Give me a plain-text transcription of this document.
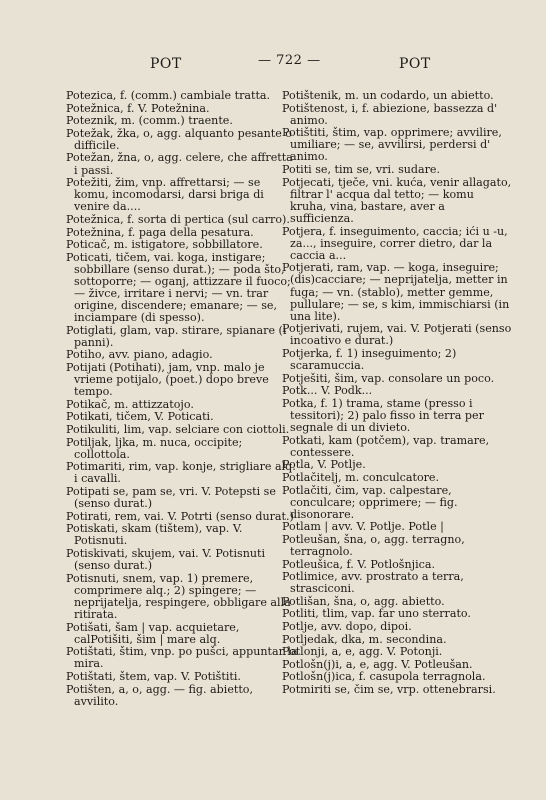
POT	— 722 —	POT

Potezica, f. (comm.) cambiale tratta.

Potežnica, f. V. Potežnina.

Poteznik, m. (comm.) traente.

Potežak, žka, o, agg. alquanto pesante o difficile.

Potežan, žna, o, agg. celere, che affretta i passi.

Potežiti, žim, vnp. affrettarsi; — se komu, incomodarsi, darsi briga di venire da....

Potežnica, f. sorta di pertica (sul carro).

Potežnina, f. paga della pesatura.

Poticač, m. istigatore, sobbillatore.

Poticati, tičem, vai. koga, instigare; sobbillare (senso durat.); — poda što, sottoporre; — oganj, attizzare il fuoco; — živce, irritare i nervi; — vn. trar origine, discendere; emanare; — se, inciampare (di spesso).

Potiglati, glam, vap. stirare, spianare (i panni).

Potiho, avv. piano, adagio.

Potijati (Potihati), jam, vnp. malo je vrieme potijalo, (poet.) dopo breve tempo.

Potikač, m. attizzatojo.

Potikati, tičem, V. Poticati.

Potikuliti, lim, vap. selciare con ciottoli.

Potiljak, ljka, m. nuca, occipite; collottola.

Potimariti, rim, vap. konje, strigliare alq. i cavalli.

Potipati se, pam se, vri. V. Potepsti se (senso durat.)

Potirati, rem, vai. V. Potrti (senso durat.)

Potiskati, skam (tištem), vap. V. Potisnuti.

Potiskivati, skujem, vai. V. Potisnuti (senso durat.)

Potisnuti, snem, vap. 1) premere, comprimere alq.; 2) spingere; — neprijatelja, respingere, obbligare alla ritirata.

Potišati, šam | vap. acquietare, calPotišiti, šim | mare alq.

Potištati, štim, vnp. po pušci, appuntar la mira.

Potištati, štem, vap. V. Potištiti.

Potišten, a, o, agg. — fig. abietto, avvilito.

Potištenik, m. un codardo, un abietto.

Potištenost, i, f. abiezione, bassezza d' animo.

Potištiti, štim, vap. opprimere; avvilire, umiliare; — se, avvilirsi, perdersi d' animo.

Potiti se, tim se, vri. sudare.

Potjecati, tječe, vni. kuća, venir allagato, filtrar l' acqua dal tetto; — komu kruha, vina, bastare, aver a sufficienza.

Potjera, f. inseguimento, caccia; ići u -u, za..., inseguire, correr dietro, dar la caccia a...

Potjerati, ram, vap. — koga, inseguire; (dis)cacciare; — neprijatelja, metter in fuga; — vn. (stablo), metter gemme, pullulare; — se, s kim, immischiarsi (in una lite).

Potjerivati, rujem, vai. V. Potjerati (senso incoativo e durat.)

Potjerka, f. 1) inseguimento; 2) scaramuccia.

Potješiti, šim, vap. consolare un poco.

Potk... V. Podk...

Potka, f. 1) trama, stame (presso i tessitori); 2) palo fisso in terra per segnale di un divieto.

Potkati, kam (potčem), vap. tramare, contessere.

Potla, V. Potlje.

Potlačitelj, m. conculcatore.

Potlačiti, čim, vap. calpestare, conculcare; opprimere; — fig. disonorare.

Potlam | avv. V. Potlje. Potle |

Potleušan, šna, o, agg. terragno, terragnolo.

Potleušica, f. V. Potlošnjica.

Potlimice, avv. prostrato a terra, strasciconi.

Potlišan, šna, o, agg. abietto.

Potliti, tlim, vap. far uno sterrato.

Potlje, avv. dopo, dipoi.

Potljedak, dka, m. secondina.

Potlonji, a, e, agg. V. Potonji.

Potlošn(j)i, a, e, agg. V. Potleušan.

Potlošn(j)ica, f. casupola terragnola.

Potmiriti se, čim se, vrp. ottenebrarsi.
